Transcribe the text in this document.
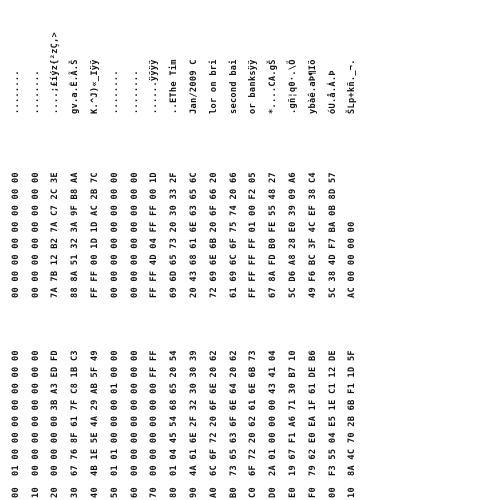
00
01 00 00 00 00 00 00 00
00 00 00 00 00 00 00 00
........
10
00 00 00 00 00 00 00 00
00 00 00 00 00 00 00 00
........
20
00 00 00 00 3B A3 ED FD
7A 7B 12 B2 7A C7 2C 3E
....;£íýz{²zÇ,>
30
67 76 8F 61 7F C8 1B C3
88 8A 51 32 3A 9F B8 AA
gv.a.È.Ã.Š
40
4B 1E 5E 4A 29 AB 5F 49
FF FF 00 1D 1D AC 2B 7C
K.^J)«_Iÿÿ
50
01 01 00 00 00 01 00 00
00 00 00 00 00 00 00 00
........
60
00 00 00 00 00 00 00 00
00 00 00 00 00 00 00 00
........
70
00 00 00 00 00 00 FF FF
FF FF 4D 04 FF FF 00 1D
......ÿÿÿÿ
80
01 04 45 54 68 65 20 54
69 6D 65 73 20 30 33 2F
..EThe Tim
90
4A 61 6E 2F 32 30 30 39
20 43 68 61 6E 63 65 6C
Jan/2009 C
A0
6C 6F 72 20 6F 6E 20 62
72 69 6E 6B 20 6F 66 20
lor on bri
B0
73 65 63 6F 6E 64 20 62
61 69 6C 6F 75 74 20 66
second bai
C0
6F 72 20 62 61 6E 6B 73
FF FF FF FF 01 00 F2 05
or banksÿÿ
D0
2A 01 00 00 00 43 41 04
67 8A FD B0 FE 55 48 27
*....CA.gŠ
E0
19 67 F1 A6 71 30 B7 10
5C D6 A8 28 E0 39 09 A6
.gñ¦q0·.\Ö
F0
79 62 E0 EA 1F 61 DE B6
49 F6 BC 3F 4C EF 38 C4
ybàê.aÞ¶Iö
00
F3 55 04 E5 1E C1 12 DE
5C 38 4D F7 BA 0B 8D 57
óU.å.Á.Þ
10
8A 4C 70 2B 6B F1 1D 5F
AC 00 00 00 00
ŠLp+kñ._¬.
